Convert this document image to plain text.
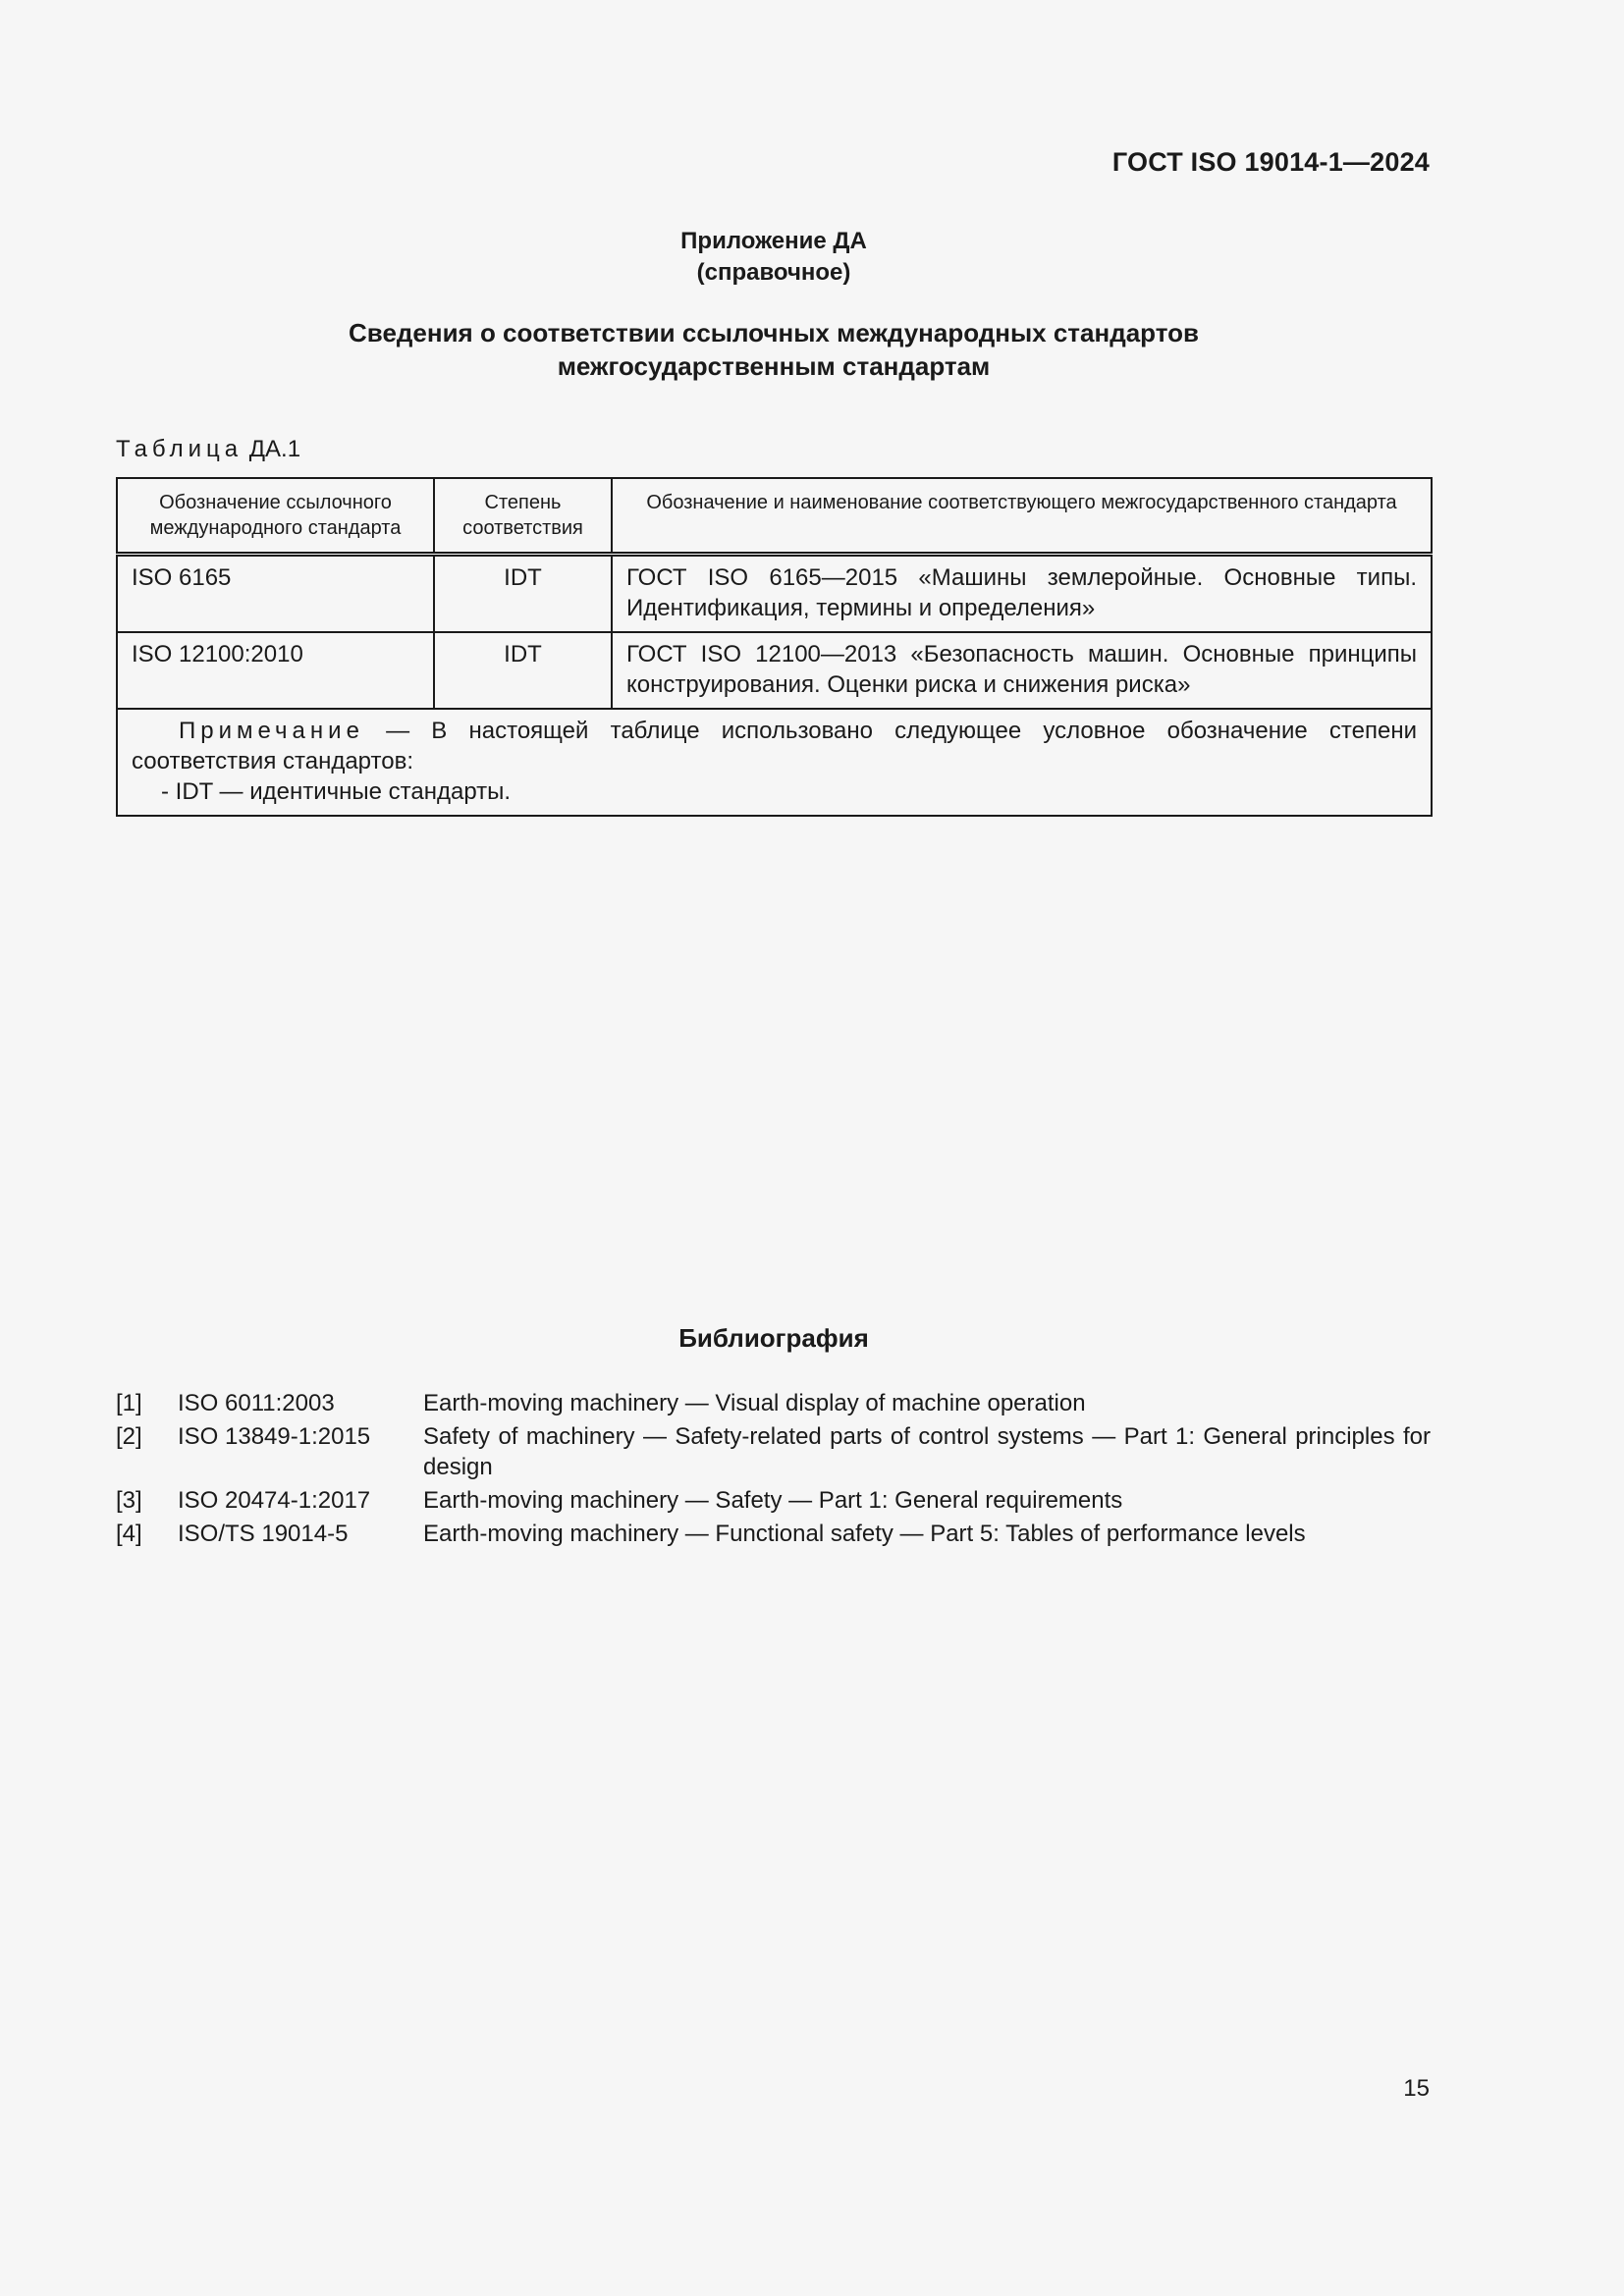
ГОСТ ISO 19014-1—2024
Приложение ДА
(справочное)
Сведения о соответствии ссылочных международных стандартов
межгосударственным стандартам
Таблица ДА.1
Обозначение ссылочного международного стандарта	Степень соответствия	Обозначение и наименование соответствующего межгосударственного стандарта
ISO 6165	IDT	ГОСТ ISO 6165—2015 «Машины землеройные. Основные типы. Идентификация, термины и определения»
ISO 12100:2010	IDT	ГОСТ ISO 12100—2013 «Безопасность машин. Основные принципы конструирования. Оценки риска и снижения риска»

Примечание — В настоящей таблице использовано следующее условное обозначение степени соответствия стандартов:
- IDT — идентичные стандарты.		
Библиография
[1]	ISO 6011:2003	Earth-moving machinery — Visual display of machine operation
[2]	ISO 13849-1:2015	Safety of machinery — Safety-related parts of control systems — Part 1: General principles for design
[3]	ISO 20474-1:2017	Earth-moving machinery — Safety — Part 1: General requirements
[4]	ISO/TS 19014-5	Earth-moving machinery — Functional safety — Part 5: Tables of performance levels
15
